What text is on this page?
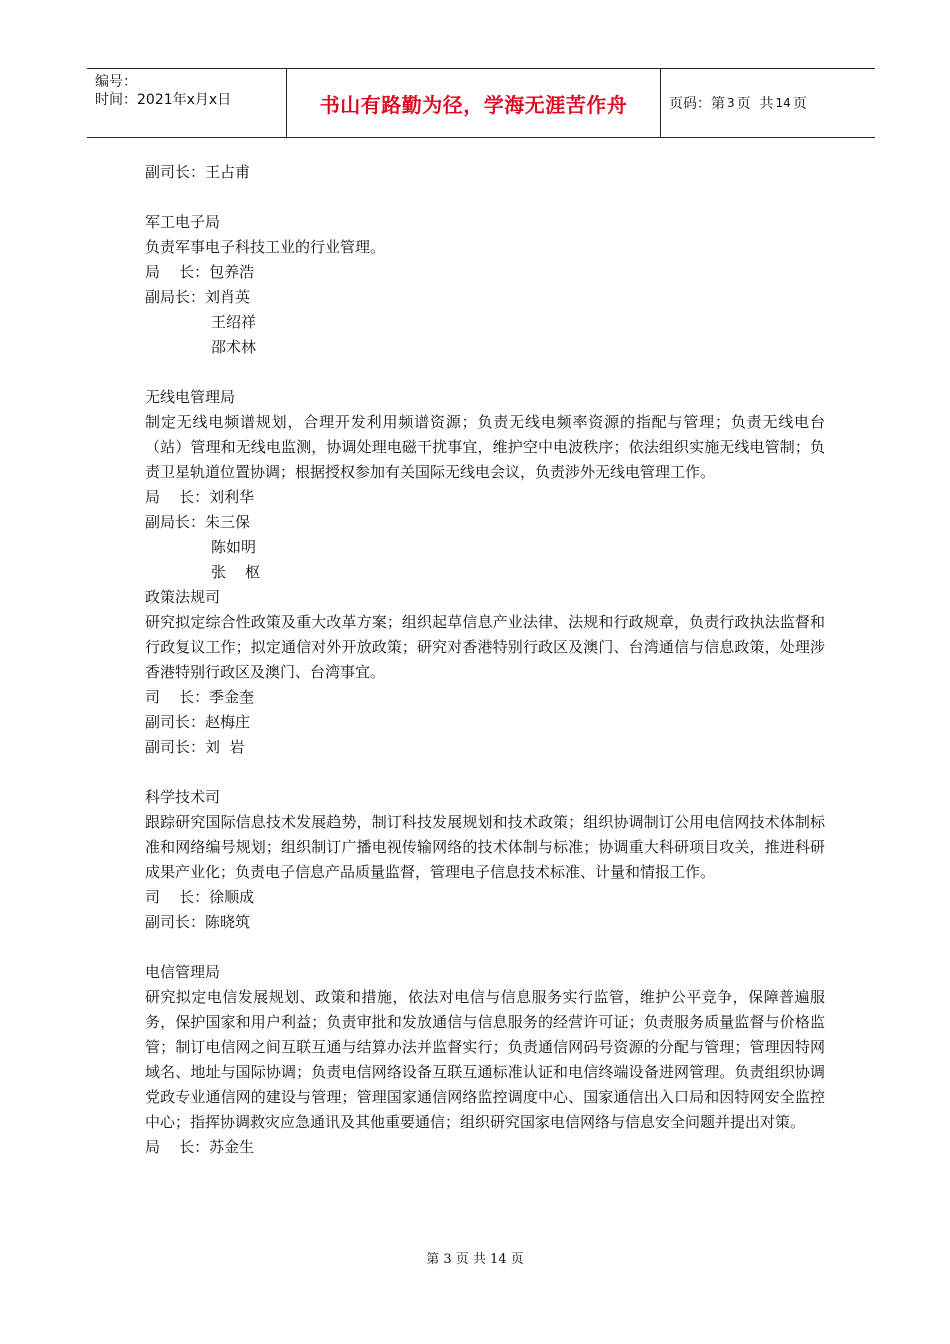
编号：
时间：2021年x月x日	书山有路勤为径，学海无涯苦作舟	页码：第 3 页  共 14 页
副司长：王占甫
军工电子局
负责军事电子科技工业的行业管理。
局    长：包养浩
副局长：刘肖英
王绍祥
邵术林
无线电管理局
制定无线电频谱规划，合理开发利用频谱资源；负责无线电频率资源的指配与管理；负责无线电台（站）管理和无线电监测，协调处理电磁干扰事宜，维护空中电波秩序；依法组织实施无线电管制；负责卫星轨道位置协调；根据授权参加有关国际无线电会议，负责涉外无线电管理工作。
局    长：刘利华
副局长：朱三保
陈如明
张    枢
政策法规司
研究拟定综合性政策及重大改革方案；组织起草信息产业法律、法规和行政规章，负责行政执法监督和行政复议工作；拟定通信对外开放政策；研究对香港特别行政区及澳门、台湾通信与信息政策，处理涉香港特别行政区及澳门、台湾事宜。
司    长：季金奎
副司长：赵梅庄
副司长：刘  岩
科学技术司
跟踪研究国际信息技术发展趋势，制订科技发展规划和技术政策；组织协调制订公用电信网技术体制标准和网络编号规划；组织制订广播电视传输网络的技术体制与标准；协调重大科研项目攻关，推进科研成果产业化；负责电子信息产品质量监督，管理电子信息技术标准、计量和情报工作。
司    长：徐顺成
副司长：陈晓筑
电信管理局
研究拟定电信发展规划、政策和措施，依法对电信与信息服务实行监管，维护公平竞争，保障普遍服务，保护国家和用户利益；负责审批和发放通信与信息服务的经营许可证；负责服务质量监督与价格监管；制订电信网之间互联互通与结算办法并监督实行；负责通信网码号资源的分配与管理；管理因特网域名、地址与国际协调；负责电信网络设备互联互通标准认证和电信终端设备进网管理。负责组织协调党政专业通信网的建设与管理；管理国家通信网络监控调度中心、国家通信出入口局和因特网安全监控中心；指挥协调救灾应急通讯及其他重要通信；组织研究国家电信网络与信息安全问题并提出对策。
局    长：苏金生
第 3 页 共 14 页
